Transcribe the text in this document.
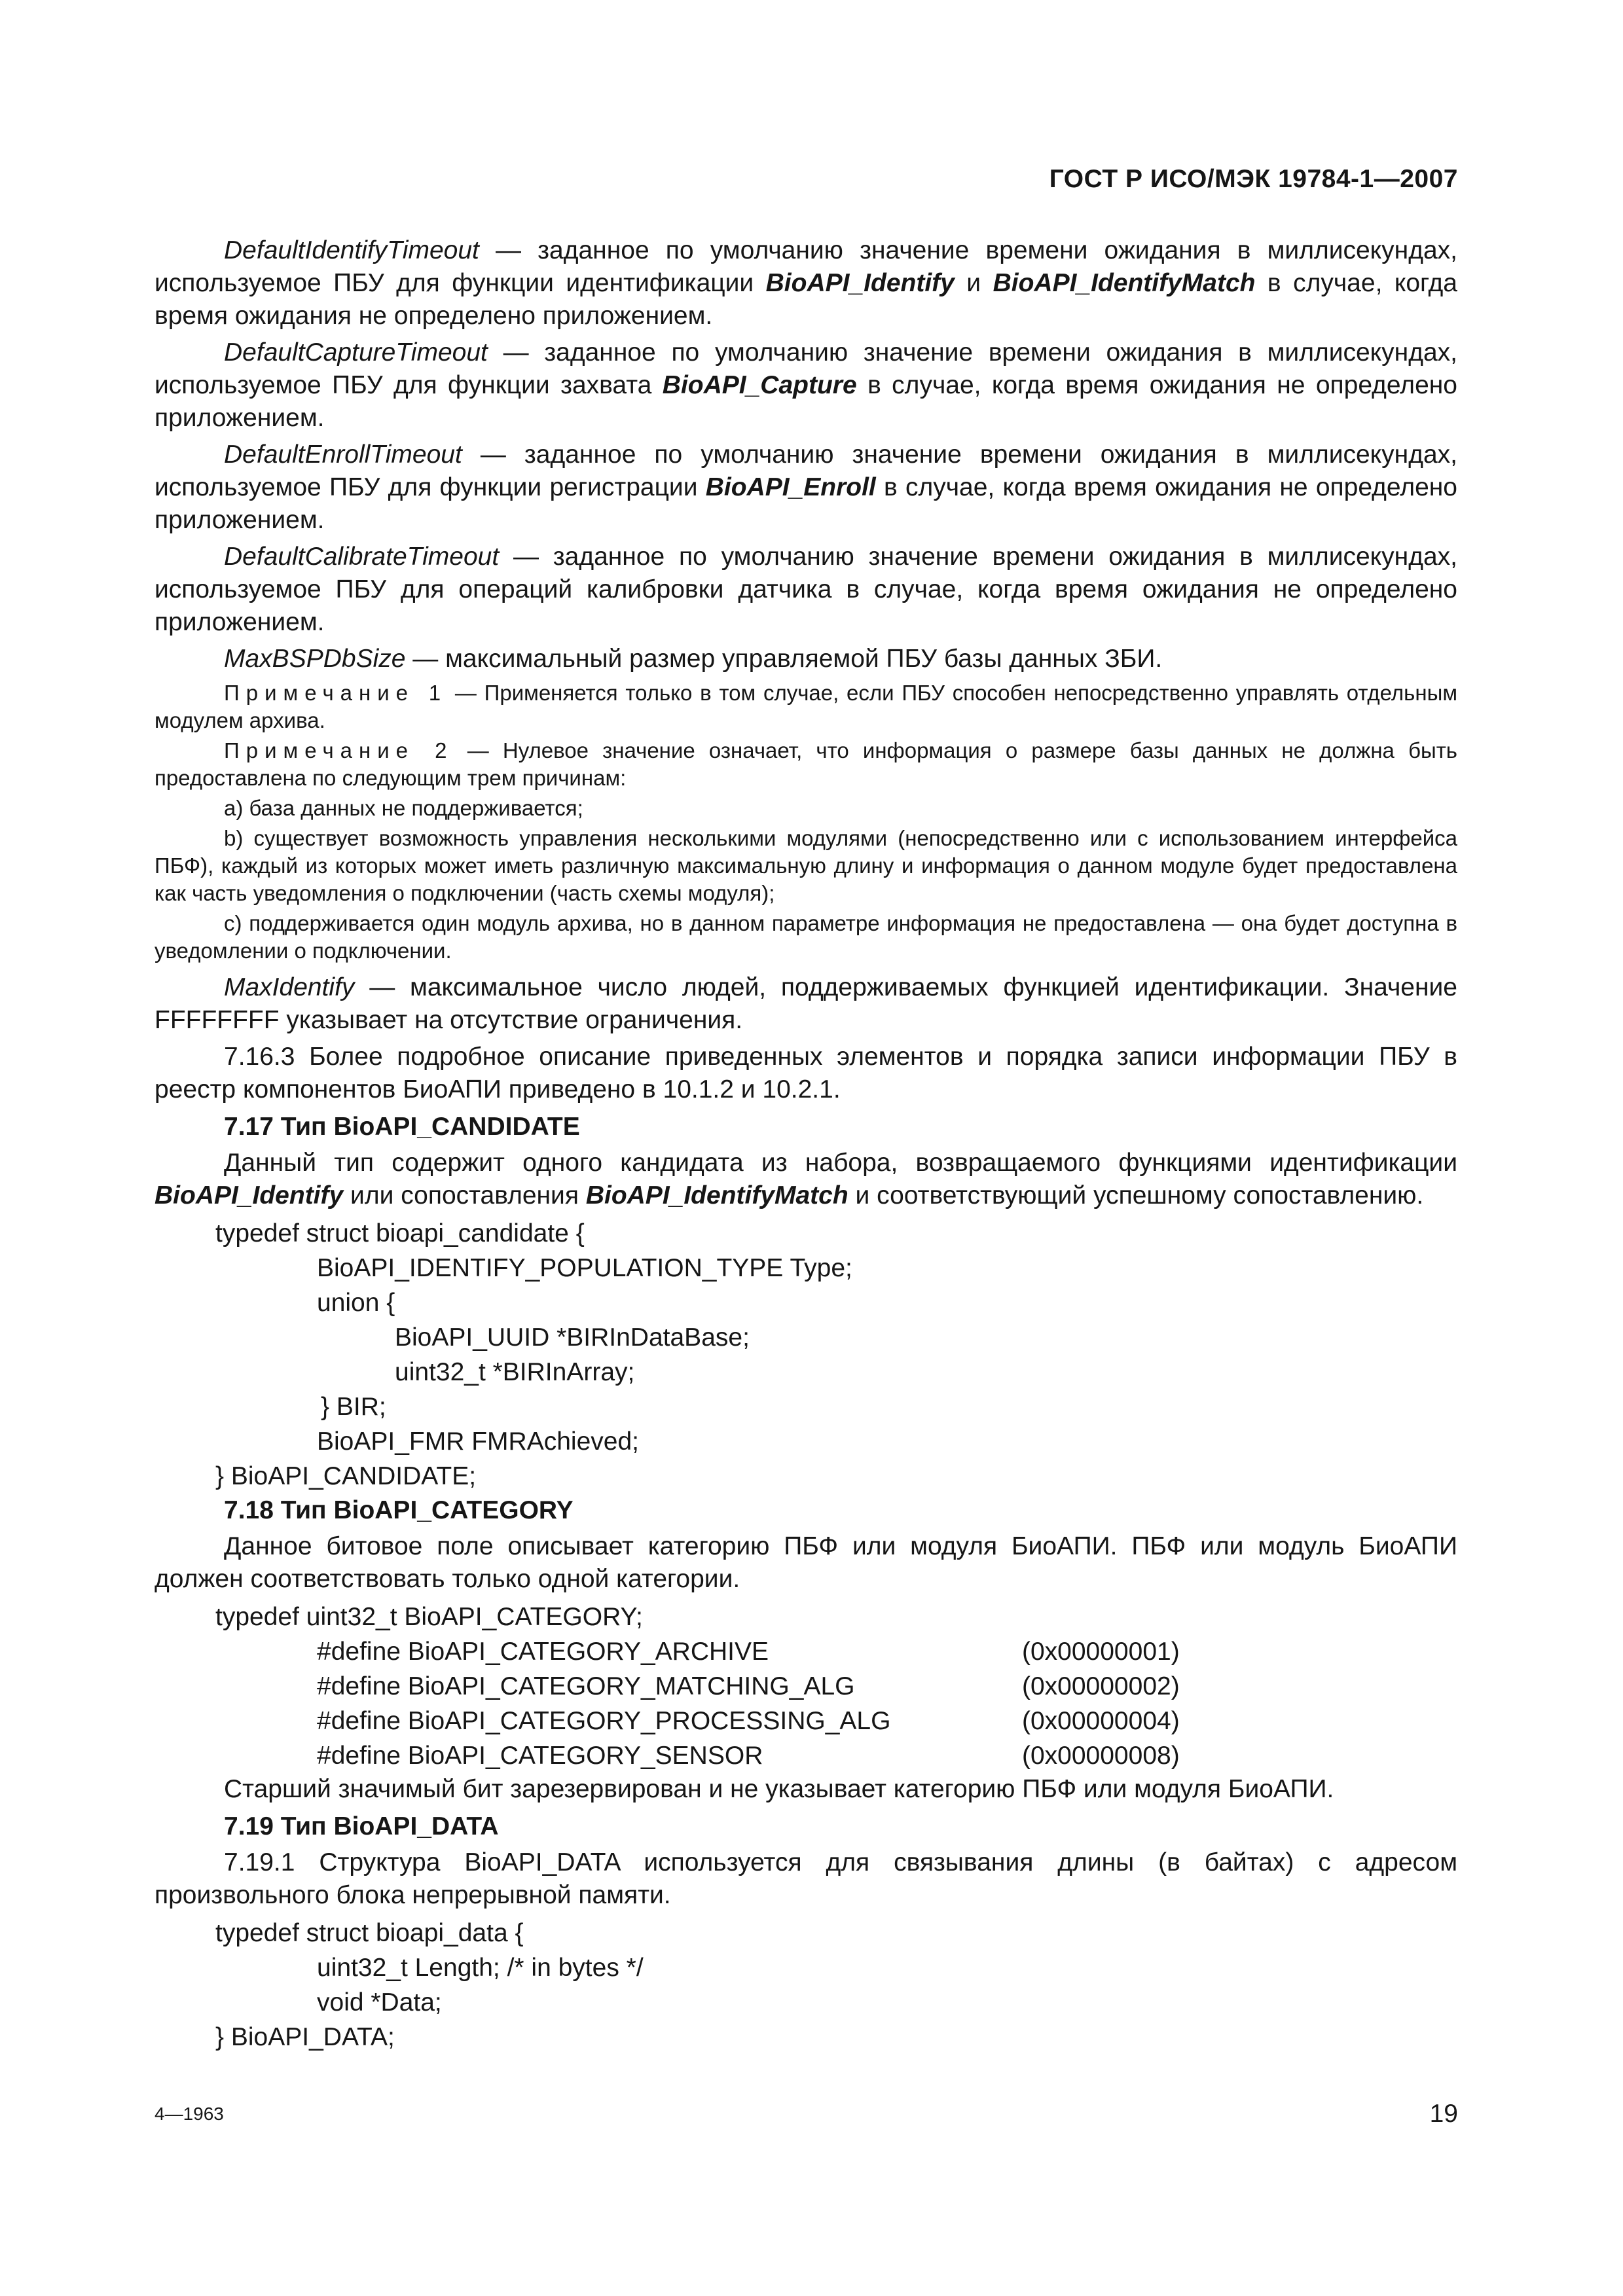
ГОСТ Р ИСО/МЭК 19784-1—2007

DefaultIdentifyTimeout — заданное по умолчанию значение времени ожидания в миллисекундах, используемое ПБУ для функции идентификации BioAPI_Identify и BioAPI_IdentifyMatch в случае, когда время ожидания не определено приложением.

DefaultCaptureTimeout — заданное по умолчанию значение времени ожидания в миллисекундах, используемое ПБУ для функции захвата BioAPI_Capture в случае, когда время ожидания не определено приложением.

DefaultEnrollTimeout — заданное по умолчанию значение времени ожидания в миллисекундах, используемое ПБУ для функции регистрации BioAPI_Enroll в случае, когда время ожидания не определено приложением.

DefaultCalibrateTimeout — заданное по умолчанию значение времени ожидания в миллисекундах, используемое ПБУ для операций калибровки датчика в случае, когда время ожидания не определено приложением.

MaxBSPDbSize — максимальный размер управляемой ПБУ базы данных ЗБИ.

Примечание 1 — Применяется только в том случае, если ПБУ способен непосредственно управлять отдельным модулем архива.

Примечание 2 — Нулевое значение означает, что информация о размере базы данных не должна быть предоставлена по следующим трем причинам:

а) база данных не поддерживается;

b) существует возможность управления несколькими модулями (непосредственно или с использованием интерфейса ПБФ), каждый из которых может иметь различную максимальную длину и информация о данном модуле будет предоставлена как часть уведомления о подключении (часть схемы модуля);

с) поддерживается один модуль архива, но в данном параметре информация не предоставлена — она будет доступна в уведомлении о подключении.

MaxIdentify — максимальное число людей, поддерживаемых функцией идентификации. Значение FFFFFFFF указывает на отсутствие ограничения.

7.16.3 Более подробное описание приведенных элементов и порядка записи информации ПБУ в реестр компонентов БиоАПИ приведено в 10.1.2 и 10.2.1.

7.17 Тип BioAPI_CANDIDATE

Данный тип содержит одного кандидата из набора, возвращаемого функциями идентификации BioAPI_Identify или сопоставления BioAPI_IdentifyMatch и соответствующий успешному сопоставлению.

typedef struct bioapi_candidate {
BioAPI_IDENTIFY_POPULATION_TYPE Type;
union {
BioAPI_UUID *BIRInDataBase;
uint32_t *BIRInArray;
} BIR;
BioAPI_FMR FMRAchieved;
} BioAPI_CANDIDATE;
7.18 Тип BioAPI_CATEGORY

Данное битовое поле описывает категорию ПБФ или модуля БиоАПИ. ПБФ или модуль БиоАПИ должен соответствовать только одной категории.

typedef uint32_t BioAPI_CATEGORY;
#define BioAPI_CATEGORY_ARCHIVE	(0x00000001)
#define BioAPI_CATEGORY_MATCHING_ALG	(0x00000002)
#define BioAPI_CATEGORY_PROCESSING_ALG	(0x00000004)
#define BioAPI_CATEGORY_SENSOR	(0x00000008)

Старший значимый бит зарезервирован и не указывает категорию ПБФ или модуля БиоАПИ.

7.19 Тип BioAPI_DATA

7.19.1 Структура BioAPI_DATA используется для связывания длины (в байтах) с адресом произвольного блока непрерывной памяти.

typedef struct bioapi_data {
uint32_t Length; /* in bytes */
void *Data;
} BioAPI_DATA;
4—1963	19
